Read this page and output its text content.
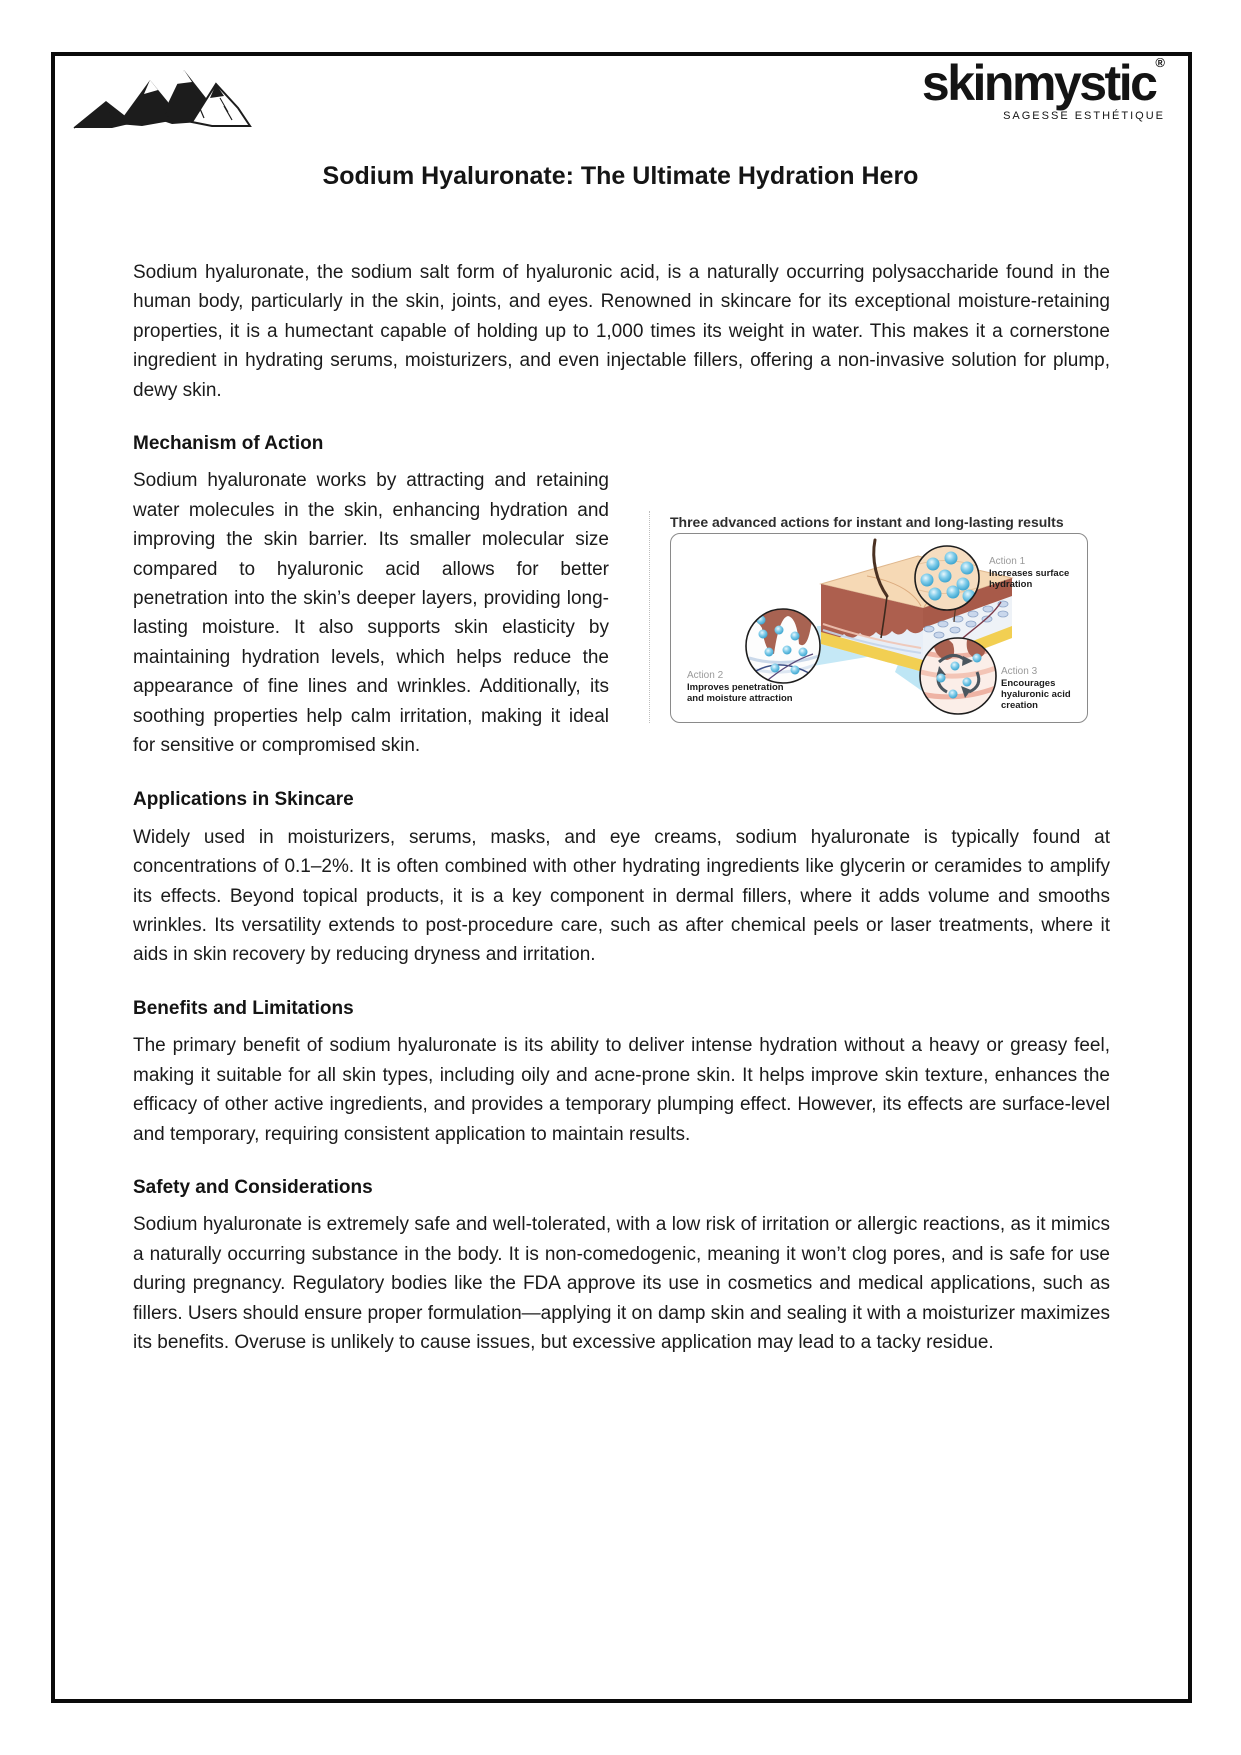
skinmystic®
SAGESSE ESTHÉTIQUE
Sodium Hyaluronate: The Ultimate Hydration Hero
Sodium hyaluronate, the sodium salt form of hyaluronic acid, is a naturally occurring polysaccharide found in the human body, particularly in the skin, joints, and eyes. Renowned in skincare for its exceptional moisture-retaining properties, it is a humectant capable of holding up to 1,000 times its weight in water. This makes it a cornerstone ingredient in hydrating serums, moisturizers, and even injectable fillers, offering a non-invasive solution for plump, dewy skin.
Mechanism of Action
Three advanced actions for instant and long-lasting results
Action 1
Increases surface hydration
Action 2
Improves penetration and moisture attraction
Action 3
Encourages hyaluronic acid creation
Sodium hyaluronate works by attracting and retaining water molecules in the skin, enhancing hydration and improving the skin barrier. Its smaller molecular size compared to hyaluronic acid allows for better penetration into the skin’s deeper layers, providing long-lasting moisture. It also supports skin elasticity by maintaining hydration levels, which helps reduce the appearance of fine lines and wrinkles. Additionally, its soothing properties help calm irritation, making it ideal for sensitive or compromised skin.
Applications in Skincare
Widely used in moisturizers, serums, masks, and eye creams, sodium hyaluronate is typically found at concentrations of 0.1–2%. It is often combined with other hydrating ingredients like glycerin or ceramides to amplify its effects. Beyond topical products, it is a key component in dermal fillers, where it adds volume and smooths wrinkles. Its versatility extends to post-procedure care, such as after chemical peels or laser treatments, where it aids in skin recovery by reducing dryness and irritation.
Benefits and Limitations
The primary benefit of sodium hyaluronate is its ability to deliver intense hydration without a heavy or greasy feel, making it suitable for all skin types, including oily and acne-prone skin. It helps improve skin texture, enhances the efficacy of other active ingredients, and provides a temporary plumping effect. However, its effects are surface-level and temporary, requiring consistent application to maintain results.
Safety and Considerations
Sodium hyaluronate is extremely safe and well-tolerated, with a low risk of irritation or allergic reactions, as it mimics a naturally occurring substance in the body. It is non-comedogenic, meaning it won’t clog pores, and is safe for use during pregnancy. Regulatory bodies like the FDA approve its use in cosmetics and medical applications, such as fillers. Users should ensure proper formulation—applying it on damp skin and sealing it with a moisturizer maximizes its benefits. Overuse is unlikely to cause issues, but excessive application may lead to a tacky residue.
